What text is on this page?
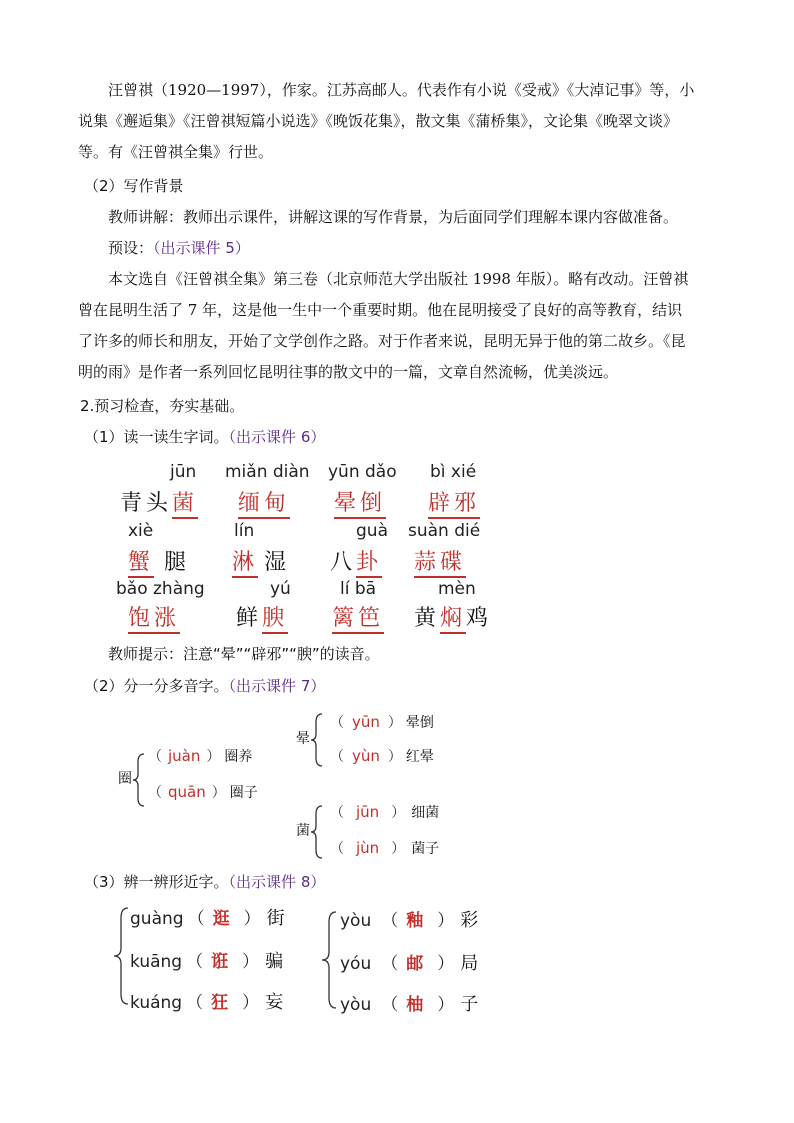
汪曾祺（1920—1997），作家。江苏高邮人。代表作有小说《受戒》《大淖记事》等，小
说集《邂逅集》《汪曾祺短篇小说选》《晚饭花集》，散文集《蒲桥集》，文论集《晚翠文谈》
等。有《汪曾祺全集》行世。
（2）写作背景
教师讲解：教师出示课件，讲解这课的写作背景，为后面同学们理解本课内容做准备。
预设：（出示课件 5）
本文选自《汪曾祺全集》第三卷（北京师范大学出版社 1998 年版）。略有改动。汪曾祺
曾在昆明生活了 7 年，这是他一生中一个重要时期。他在昆明接受了良好的高等教育，结识
了许多的师长和朋友，开始了文学创作之路。对于作者来说，昆明无异于他的第二故乡。《昆
明的雨》是作者一系列回忆昆明往事的散文中的一篇，文章自然流畅，优美淡远。
2.预习检查，夯实基础。
（1）读一读生字词。（出示课件 6）
jūn
青头菌
miǎn diàn
缅甸
yūn dǎo
晕倒
bì xié
辟邪
xiè
蟹 腿
lín
淋 湿
guà
八卦
suàn dié
蒜碟
bǎo zhàng
饱涨
yú
鲜腴
lí bā
篱笆
mèn
黄焖鸡
教师提示：注意“晕”“辟邪”“腴”的读音。
（2）分一分多音字。（出示课件 7）
晕
（ yūn ） 晕倒
（ yùn ） 红晕
圈
（ juàn ） 圈养
（ quān ） 圈子
菌
（ jūn ） 细菌
（ jùn ） 菌子
（3）辨一辨形近字。（出示课件 8）
guàng （ 逛 ） 街
kuāng （ 诳 ） 骗
kuáng （ 狂 ） 妄
yòu （ 釉 ） 彩
yóu （ 邮 ） 局
yòu （ 柚 ） 子
